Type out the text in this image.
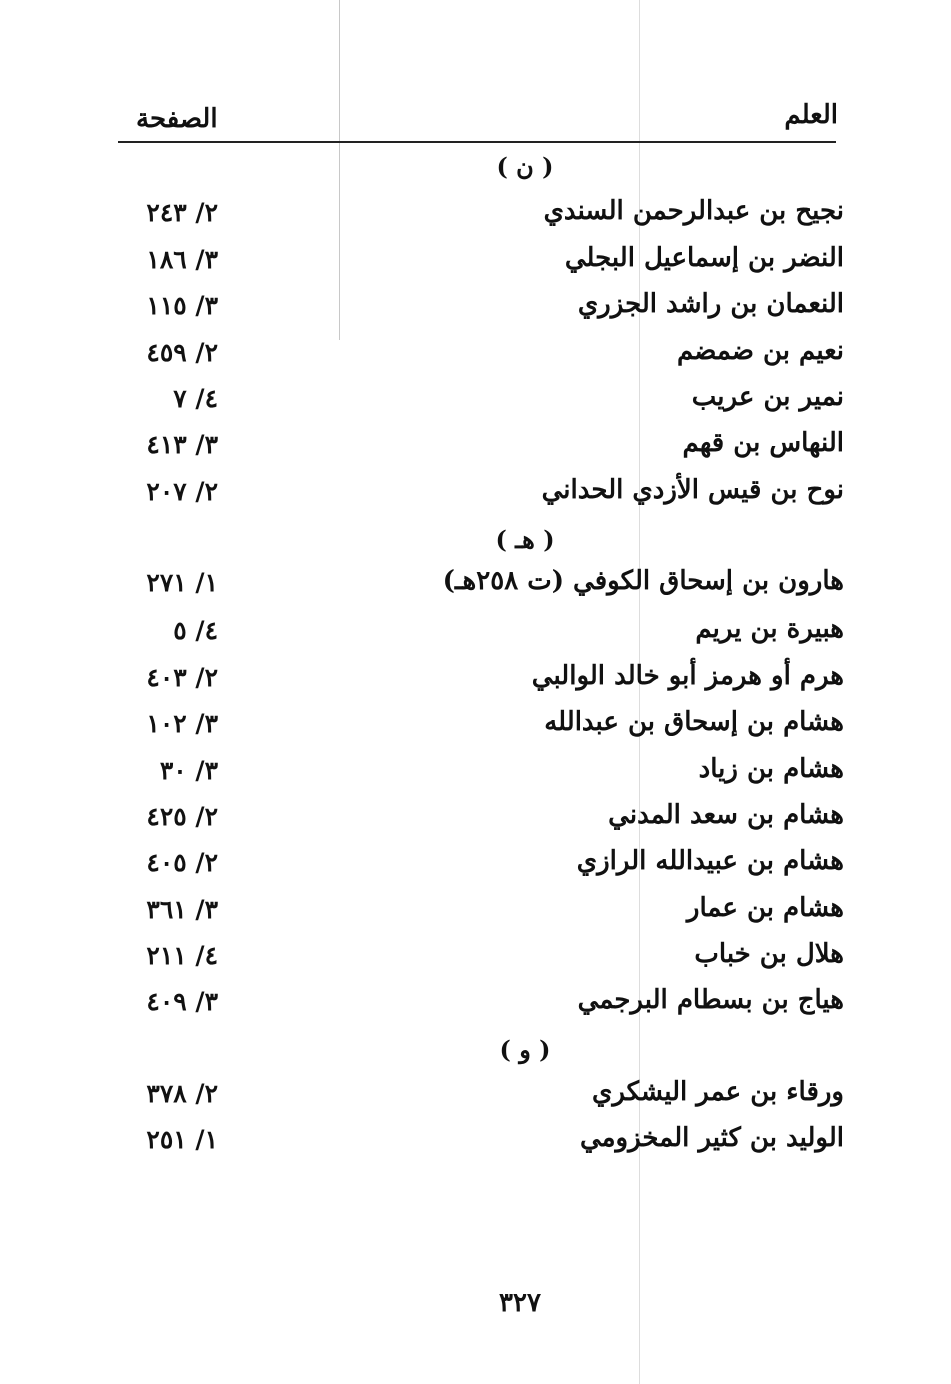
العلم
الصفحة
( ن )
نجيح بن عبدالرحمن السندي
٢/ ٢٤٣
النضر بن إسماعيل البجلي
٣/ ١٨٦
النعمان بن راشد الجزري
٣/ ١١٥
نعيم بن ضمضم
٢/ ٤٥٩
نمير بن عريب
٤/ ٧
النهاس بن قهم
٣/ ٤١٣
نوح بن قيس الأزدي الحداني
٢/ ٢٠٧
( هـ )
هارون بن إسحاق الكوفي (ت ٢٥٨هـ)
١/ ٢٧١
هبيرة بن يريم
٤/ ٥
هرم أو هرمز أبو خالد الوالبي
٢/ ٤٠٣
هشام بن إسحاق بن عبدالله
٣/ ١٠٢
هشام بن زياد
٣/ ٣٠
هشام بن سعد المدني
٢/ ٤٢٥
هشام بن عبيدالله الرازي
٢/ ٤٠٥
هشام بن عمار
٣/ ٣٦١
هلال بن خباب
٤/ ٢١١
هياج بن بسطام البرجمي
٣/ ٤٠٩
( و )
ورقاء بن عمر اليشكري
٢/ ٣٧٨
الوليد بن كثير المخزومي
١/ ٢٥١
٣٢٧
